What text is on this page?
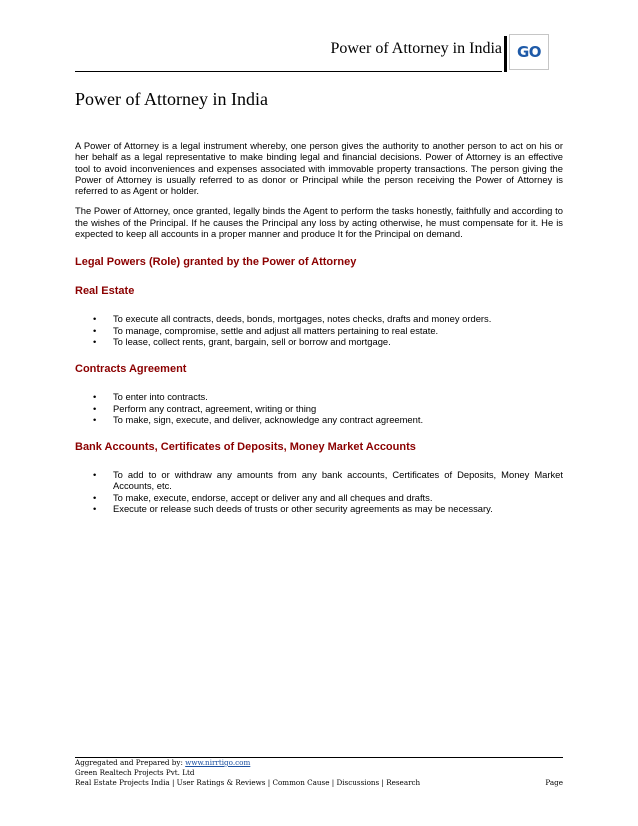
Power of Attorney in India GO
Power of Attorney in India

A Power of Attorney is a legal instrument whereby, one person gives the authority to another person to act on his or her behalf as a legal representative to make binding legal and financial decisions. Power of Attorney is an effective tool to avoid inconveniences and expenses associated with immovable property transactions. The person giving the Power of Attorney is usually referred to as donor or Principal while the person receiving the Power of Attorney is referred to as Agent or holder.

The Power of Attorney, once granted, legally binds the Agent to perform the tasks honestly, faithfully and according to the wishes of the Principal. If he causes the Principal any loss by acting otherwise, he must compensate for it. He is expected to keep all accounts in a proper manner and produce It for the Principal on demand.

Legal Powers (Role) granted by the Power of Attorney
Real Estate
• To execute all contracts, deeds, bonds, mortgages, notes checks, drafts and money orders.
• To manage, compromise, settle and adjust all matters pertaining to real estate.
• To lease, collect rents, grant, bargain, sell or borrow and mortgage.
Contracts Agreement
• To enter into contracts.
• Perform any contract, agreement, writing or thing
• To make, sign, execute, and deliver, acknowledge any contract agreement.
Bank Accounts, Certificates of Deposits, Money Market Accounts
• To add to or withdraw any amounts from any bank accounts, Certificates of Deposits, Money Market Accounts, etc.
• To make, execute, endorse, accept or deliver any and all cheques and drafts.
• Execute or release such deeds of trusts or other security agreements as may be necessary.
Aggregated and Prepared by: www.nirrtigo.com
Green Realtech Projects Pvt. Ltd
Real Estate Projects India | User Ratings & Reviews | Common Cause | Discussions | Research	Page
